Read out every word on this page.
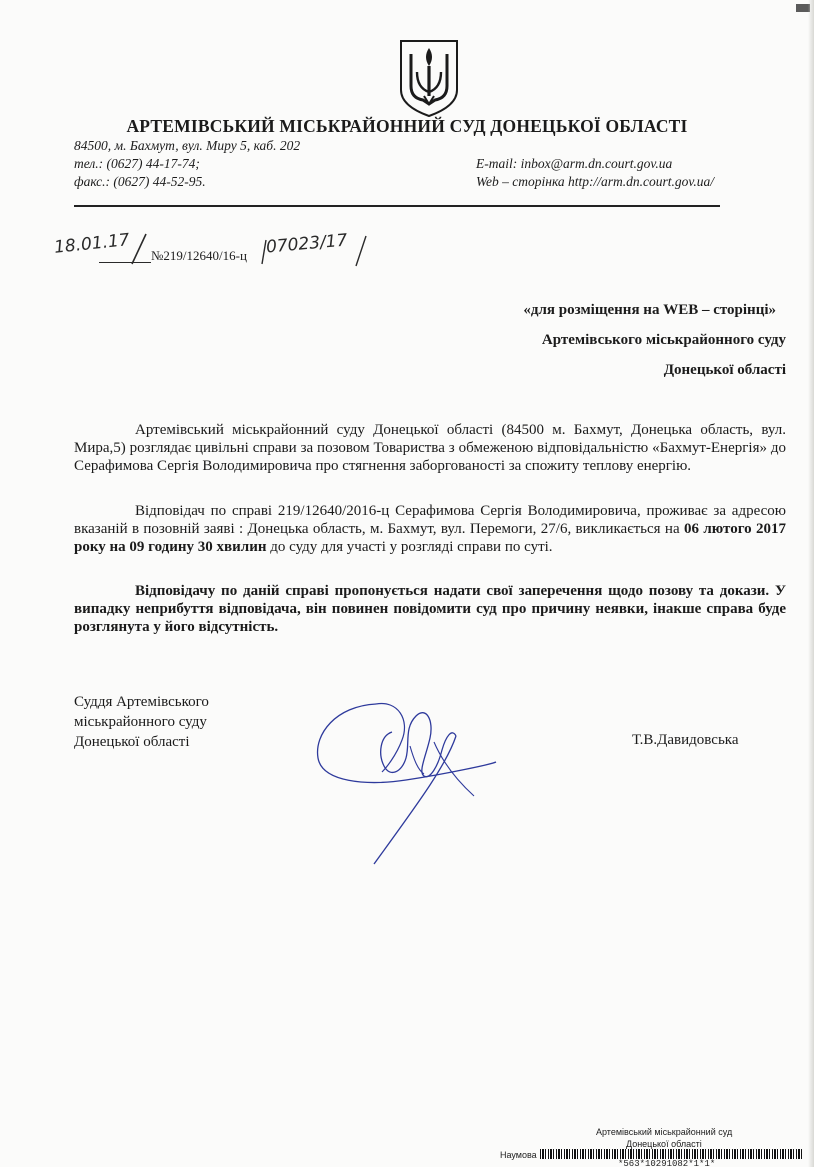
АРТЕМІВСЬКИЙ МІСЬКРАЙОННИЙ СУД ДОНЕЦЬКОЇ ОБЛАСТІ
84500, м. Бахмут, вул. Миру 5, каб. 202
тел.: (0627) 44-17-74;
факс.: (0627) 44-52-95.
E-mail: inbox@arm.dn.court.gov.ua
Web – сторінка http://arm.dn.court.gov.ua/
18.01.17 №219/12640/16-ц 07023/17
«для розміщення на WEB – сторінці»
Артемівського міськрайонного суду
Донецької області
Артемівський міськрайонний суду Донецької області (84500 м. Бахмут, Донецька область, вул. Мира,5) розглядає цивільні справи за позовом Товариства з обмеженою відповідальністю «Бахмут-Енергія» до Серафимова Сергія Володимировича про стягнення заборгованості за спожиту теплову енергію.
Відповідач по справі 219/12640/2016-ц Серафимова Сергія Володимировича, проживає за адресою вказаній в позовній заяві : Донецька область, м. Бахмут, вул. Перемоги, 27/6, викликається на 06 лютого 2017 року на 09 годину 30 хвилин до суду для участі у розгляді справи по суті.
Відповідачу по даній справі пропонується надати свої заперечення щодо позову та докази. У випадку неприбуття відповідача, він повинен повідомити суд про причину неявки, інакше справа буде розглянута у його відсутність.
Суддя Артемівського
міськрайонного суду
Донецької області	Т.В.Давидовська
Артемівський міськрайонний суд
Донецької області
Наумова
*563*10291082*1*1*
